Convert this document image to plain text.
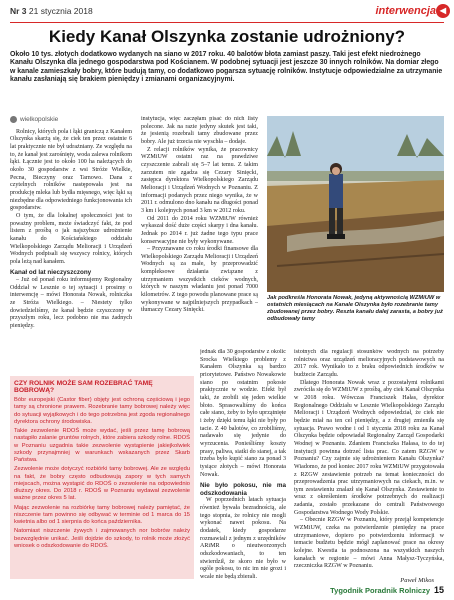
Nr 3 21 stycznia 2018	interwencja ◀
Kiedy Kanał Olszynka zostanie udrożniony?

Około 10 tys. złotych dodatkowo wydanych na siano w 2017 roku. 40 balotów błota zamiast paszy. Taki jest efekt niedrożnego Kanału Olszynka dla jednego gospodarstwa pod Kościanem. W podobnej sytuacji jest jeszcze 30 innych rolników. Na domiar złego w kanale zamieszkały bobry, które budują tamy, co dodatkowo pogarsza sytuację rolników. Instytucje odpowiedzialne za utrzymanie kanału zasłaniają się brakiem pieniędzy i zmianami organizacyjnymi.

wielkopolskie

Rolnicy, których pola i łąki graniczą z Kanałem Olszynka skarżą się, że ciek ten przez ostatnie 6 lat praktycznie nie był udrażniany. Ze względu na to, że kanał jest zarośnięty, woda zalewa rolnikom łąki. Łącznie jest to około 100 ha należących do około 30 gospodarstw z wsi Stróże Wielkie, Pecna, Bieczyny oraz Tarnowo. Dana z czytelnych rolników następowała jest na produkcję mleka lub bydła mięsnego, więc łąki są niezbędne dla odpowiedniego funkcjonowania ich gospodarstw.

O tym, że dla lokalnej społeczności jest to poważny problem, może świadczyć fakt, że pod listem z prośbą o jak najszybsze udrożnienie kanału do Kościańskiego oddziału Wielkopolskiego Zarządu Melioracji i Urządzeń Wodnych podpisali się wszyscy rolnicy, których pola leżą nad kanałem.

Kanał od lat nieczyszczony

– Już od ponad roku informujemy Regionalny Oddział w Lesznie o tej sytuacji i prosimy o interwencję – mówi Honorata Nowak, rolniczka ze Stróża Wielkiego. – Niestety tylko dowiedzieliśmy, że kanał będzie czyszczony w przyszłym roku, lecz podobno nie ma żadnych pieniędzy.

instytucja, więc zaczęłam pisać do nich listy polecone. Jak na razie jedyny skutek jest taki, że jesienią rozebrali tamy zbudowane przez bobry. Ale już trzecia nie wyschła – dodaje.

Z relacji rolników wynika, że pracownicy WZMiUW ostatni raz na prawdziwe czyszczenie zabrali się 5–7 lat temu. Z takim zarzutem nie zgadza się Cezary Sinięcki, zastępca dyrektora Wielkopolskiego Zarządu Melioracji i Urządzeń Wodnych w Poznaniu. Z informacji podanych przez niego wynika, że w 2011 r. odmulono dno kanału na długości ponad 3 km i kolejnych ponad 3 km w 2012 roku.

Od 2011 do 2014 roku WZMiUW również wykaszał dość duże części skarpy i dna kanału. Jednak po 2014 r. już żadne tego typu prace konserwacyjne nie były wykonywane.

– Przyznawane co roku środki finansowe dla Wielkopolskiego Zarządu Melioracji i Urządzeń Wodnych są za małe, by przeprowadzić kompleksowe działania związane z utrzymaniem wszystkich cieków wodnych, których w naszym władaniu jest ponad 7000 kilometrów. Z tego powodu planowane prace są wykonywane w najpilniejszych przypadkach – tłumaczy Cezary Sinięcki.

Jak podkreśla Honorata Nowak, jedyną aktywnością WZMiUW w ostatnich miesiącach na Kanale Olszynka było rozebranie tamy zbudowanej przez bobry. Reszta kanału dalej zarasta, a bobry już odbudowały tamy

CZY ROLNIK MOŻE SAM ROZEBRAĆ TAMĘ BOBROWĄ?

Bóbr europejski (Castor fiber) objęty jest ochroną częściową i jego tamy są chronione prawem. Rozebranie tamy bobrowej należy więc do sytuacji wyjątkowych i do tego potrzebna jest zgoda regionalnego dyrektora ochrony środowiska.

Takie zezwolenie RDOŚ może wydać, jeśli przez tamę bobrową nastąpiło zalanie gruntów rolnych, które zabiera szkody rolne. RDOŚ w Poznaniu uzgadnia takie zezwolenie wystąpienie jakiejkolwiek szkody przynajmniej w warunkach wskazanych przez Skarb Państwa.

Zezwolenie może dotyczyć rozbiórki tamy bobrowej. Ale ze względu na fakt, że bobry często odbudowują zapory w tych samych miejscach, można wystąpić do RDOŚ o zezwolenie na odpowiednio dłuższy okres. Do 2018 r. RDOŚ w Poznaniu wydawał zezwolenie ważne przez okres 5 lat.

Mając zezwolenie na rozbiórkę tamy bobrowej należy pamiętać, że niszczenie tam powinno się odbywać w terminie od 1 marca do 15 kwietnia albo od 1 sierpnia do końca października.

Natomiast niszczenie żywych i zajmowanych nor bobrów należy bezwzględnie unikać. Jeśli dojdzie do szkody, to rolnik może złożyć wniosek o odszkodowanie do RDOŚ.

jednak dla 30 gospodarstw z okolic Srocka Wielkiego problemy z Kanałem Olszynka są bardzo priorytetowe. Państwo Nowakowie siano po ostatnim pokosie praktycznie w wodzie. Efekt był taki, że zrobili się jeden wielkie błoto. Sprasowaliśmy do końca całe siano, żeby to było uprzątnięte i żeby dzięki temu łąki nie były po tacie. Z 40 balotów, co zrobiliśmy, nadawało się jedynie do wyrzucenia. Ponieśliśmy koszty prasy, paliwa, siatki do sianej, a tak trzeba było kupić siano za ponad 3 tysiące złotych – mówi Honorata Nowak.

Nie było pokosu, nie ma odszkodowania

W poprzednich latach sytuacja również bywała bezradnością, ale tego stopnia, że rolnicy nie mogli wykonać nawet pokosu. Na dodatek, kiedy gospodarze rozmawiali z jednym z urzędników ARiMR o nieutworzonych odszkodowaniach, to ten stwierdził, że skoro nie było w ogóle pokosu, to nic im nie grozi i wcale nie będą zbierali.

istotnych dla regulacji stosunków wodnych na potrzeby rolnictwa oraz urządzeń melioracyjnych podstawowych na 2017 rok. Wynikało to z braku odpowiednich środków w budżecie Zarządu.

Dlatego Honorata Nowak wraz z pozostałymi rolnikami zwróciła się do WZMiUW z prośbą, aby ciek Kanał Olszynka w 2018 roku. Wówczas Franciszek Hałas, dyrektor Regionalnego Oddziału w Lesznie Wielkopolskiego Zarządu Melioracji i Urządzeń Wodnych odpowiedział, że ciek nie będzie miał na ten cel pieniędzy, a z drugiej zmieniła się sytuacja. Prawo wodne i od 1 stycznia 2018 roku za Kanał Olszynka będzie odpowiadał Regionalny Zarząd Gospodarki Wodnej w Poznaniu. Zdaniem Franciszka Hałasa, to do tej instytucji powinna dotrzeć lista prac. Co zatem RZGW w Poznaniu? Czy zajmie się udrożnieniem Kanału Olszynka? Wiadomo, że pod koniec 2017 roku WZMiUW przygotowała z RZGW zestawienie potrzeb na temat konieczności do przeprowadzenia prac utrzymaniowych na ciekach, m.in. w tym zestawieniu znalazł się Kanał Olszynka. Zestawienie to wraz z określeniem środków potrzebnych do realizacji zadania, zostało przekazane do centrali Państwowego Gospodarstwa Wodnego Wody Polskie.

– Obecnie RZGW w Poznaniu, który przejął kompetencje WZMiUW, czeka na potwierdzenie pieniędzy na prace utrzymaniowe, dopiero po potwierdzeniu informacji w temacie budżetu będzie mógł zaplanować prace na okresy kolejne. Kwestia ta podnoszona na wszystkich naszych kanałach w regionie – mówi Anna Małysz-Tyczyńska, rzeczniczka RZGW w Poznaniu.

Paweł Mikos
Tygodnik Poradnik Rolniczy 15
